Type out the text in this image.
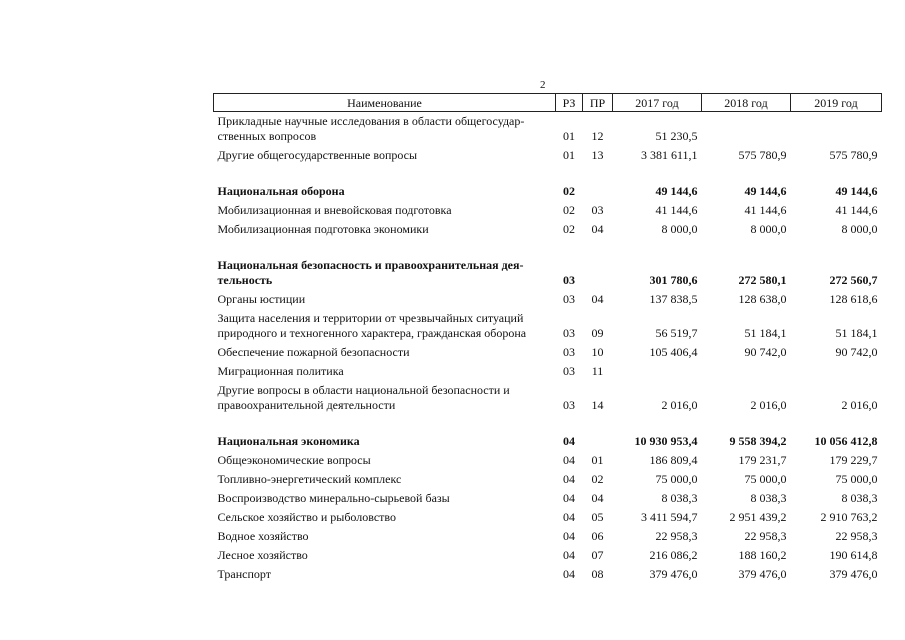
2
Наименование	РЗ	ПР	2017 год	2018 год	2019 год
Прикладные научные исследования в области общегосудар-ственных вопросов	01	12	51 230,5		
Другие общегосударственные вопросы	01	13	3 381 611,1	575 780,9	575 780,9

Национальная оборона	02		49 144,6	49 144,6	49 144,6
Мобилизационная и вневойсковая подготовка	02	03	41 144,6	41 144,6	41 144,6
Мобилизационная подготовка экономики	02	04	8 000,0	8 000,0	8 000,0

Национальная безопасность и правоохранительная дея-тельность	03		301 780,6	272 580,1	272 560,7
Органы юстиции	03	04	137 838,5	128 638,0	128 618,6
Защита населения и территории от чрезвычайных ситуаций природного и техногенного характера, гражданская оборона	03	09	56 519,7	51 184,1	51 184,1
Обеспечение пожарной безопасности	03	10	105 406,4	90 742,0	90 742,0
Миграционная политика	03	11			
Другие вопросы в области национальной безопасности и правоохранительной деятельности	03	14	2 016,0	2 016,0	2 016,0

Национальная экономика	04		10 930 953,4	9 558 394,2	10 056 412,8
Общеэкономические вопросы	04	01	186 809,4	179 231,7	179 229,7
Топливно-энергетический комплекс	04	02	75 000,0	75 000,0	75 000,0
Воспроизводство минерально-сырьевой базы	04	04	8 038,3	8 038,3	8 038,3
Сельское хозяйство и рыболовство	04	05	3 411 594,7	2 951 439,2	2 910 763,2
Водное хозяйство	04	06	22 958,3	22 958,3	22 958,3
Лесное хозяйство	04	07	216 086,2	188 160,2	190 614,8
Транспорт	04	08	379 476,0	379 476,0	379 476,0
